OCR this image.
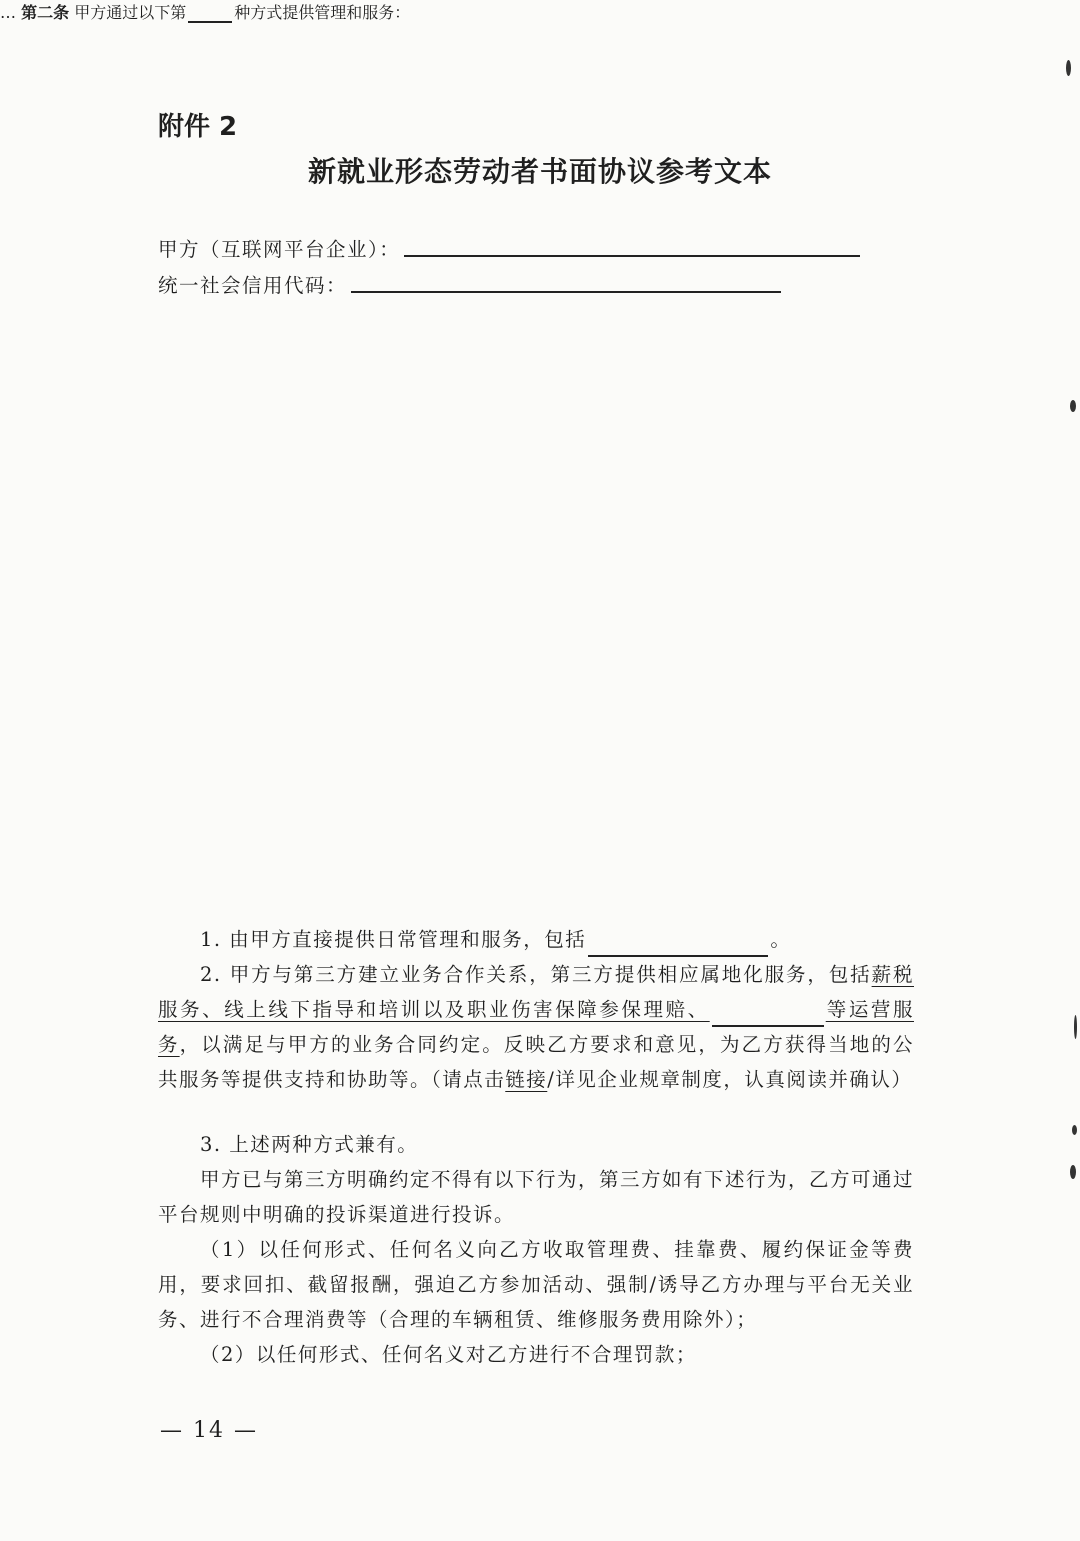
附件 2
新就业形态劳动者书面协议参考文本
甲方（互联网平台企业）：
统一社会信用代码：
… 第二条 甲方通过以下第	种方式提供管理和服务：
1. 由甲方直接提供日常管理和服务，包括	。
2. 甲方与第三方建立业务合作关系，第三方提供相应属地化服务，包括薪税服务、线上线下指导和培训以及职业伤害保障参保理赔、	等运营服务，以满足与甲方的业务合同约定。反映乙方要求和意见，为乙方获得当地的公共服务等提供支持和协助等。（请点击链接/详见企业规章制度，认真阅读并确认）
3. 上述两种方式兼有。
甲方已与第三方明确约定不得有以下行为，第三方如有下述行为，乙方可通过平台规则中明确的投诉渠道进行投诉。
（1）以任何形式、任何名义向乙方收取管理费、挂靠费、履约保证金等费用，要求回扣、截留报酬，强迫乙方参加活动、强制/诱导乙方办理与平台无关业务、进行不合理消费等（合理的车辆租赁、维修服务费用除外）；
（2）以任何形式、任何名义对乙方进行不合理罚款；
— 14 —
